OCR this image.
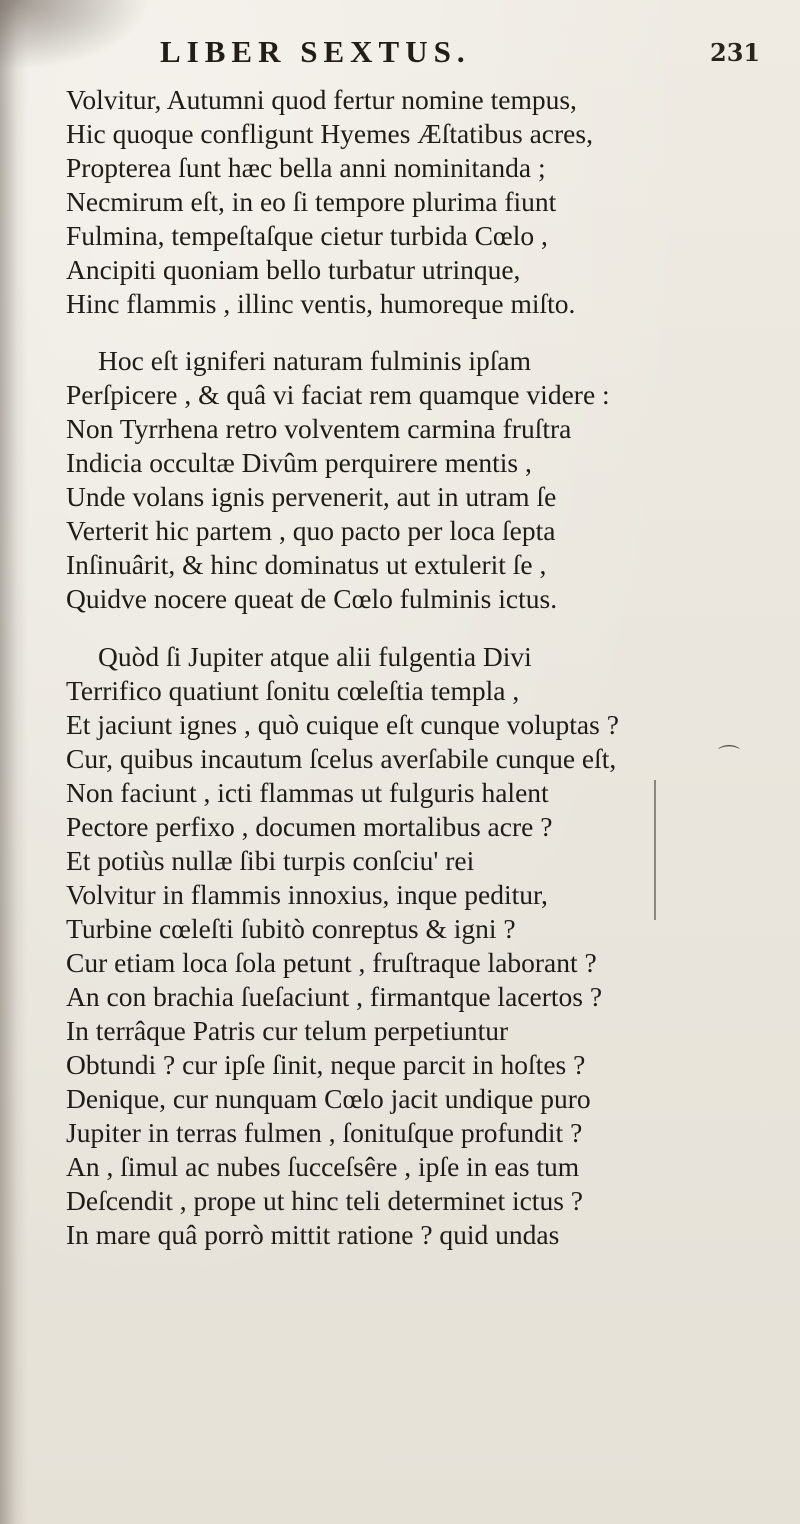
LIBER SEXTUS.	231
Volvitur, Autumni quod fertur nomine tempus,
Hic quoque confligunt Hyemes Æſtatibus acres,
Propterea ſunt hæc bella anni nominitanda ;
Necmirum eſt, in eo ſi tempore plurima fiunt
Fulmina, tempeſtaſque cietur turbida Cœlo ,
Ancipiti quoniam bello turbatur utrinque,
Hinc flammis , illinc ventis, humoreque miſto.
Hoc eſt igniferi naturam fulminis ipſam
Perſpicere , & quâ vi faciat rem quamque videre :
Non Tyrrhena retro volventem carmina fruſtra
Indicia occultæ Divûm perquirere mentis ,
Unde volans ignis pervenerit, aut in utram ſe
Verterit hic partem , quo pacto per loca ſepta
Inſinuârit, & hinc dominatus ut extulerit ſe ,
Quidve nocere queat de Cœlo fulminis ictus.
Quòd ſi Jupiter atque alii fulgentia Divi
Terrifico quatiunt ſonitu cœleſtia templa ,
Et jaciunt ignes , quò cuique eſt cunque voluptas ?
Cur, quibus incautum ſcelus averſabile cunque eſt,
Non faciunt , icti flammas ut fulguris halent
Pectore perfixo , documen mortalibus acre ?
Et potiùs nullæ ſibi turpis conſciu' rei
Volvitur in flammis innoxius, inque peditur,
Turbine cœleſti ſubitò conreptus & igni ?
Cur etiam loca ſola petunt , fruſtraque laborant ?
An con brachia ſueſaciunt , firmantque lacertos ?
In terrâque Patris cur telum perpetiuntur
Obtundi ? cur ipſe ſinit, neque parcit in hoſtes ?
Denique, cur nunquam Cœlo jacit undique puro
Jupiter in terras fulmen , ſonituſque profundit ?
An , ſimul ac nubes ſucceſsêre , ipſe in eas tum
Deſcendit , prope ut hinc teli determinet ictus ?
In mare quâ porrò mittit ratione ? quid undas
⌒
